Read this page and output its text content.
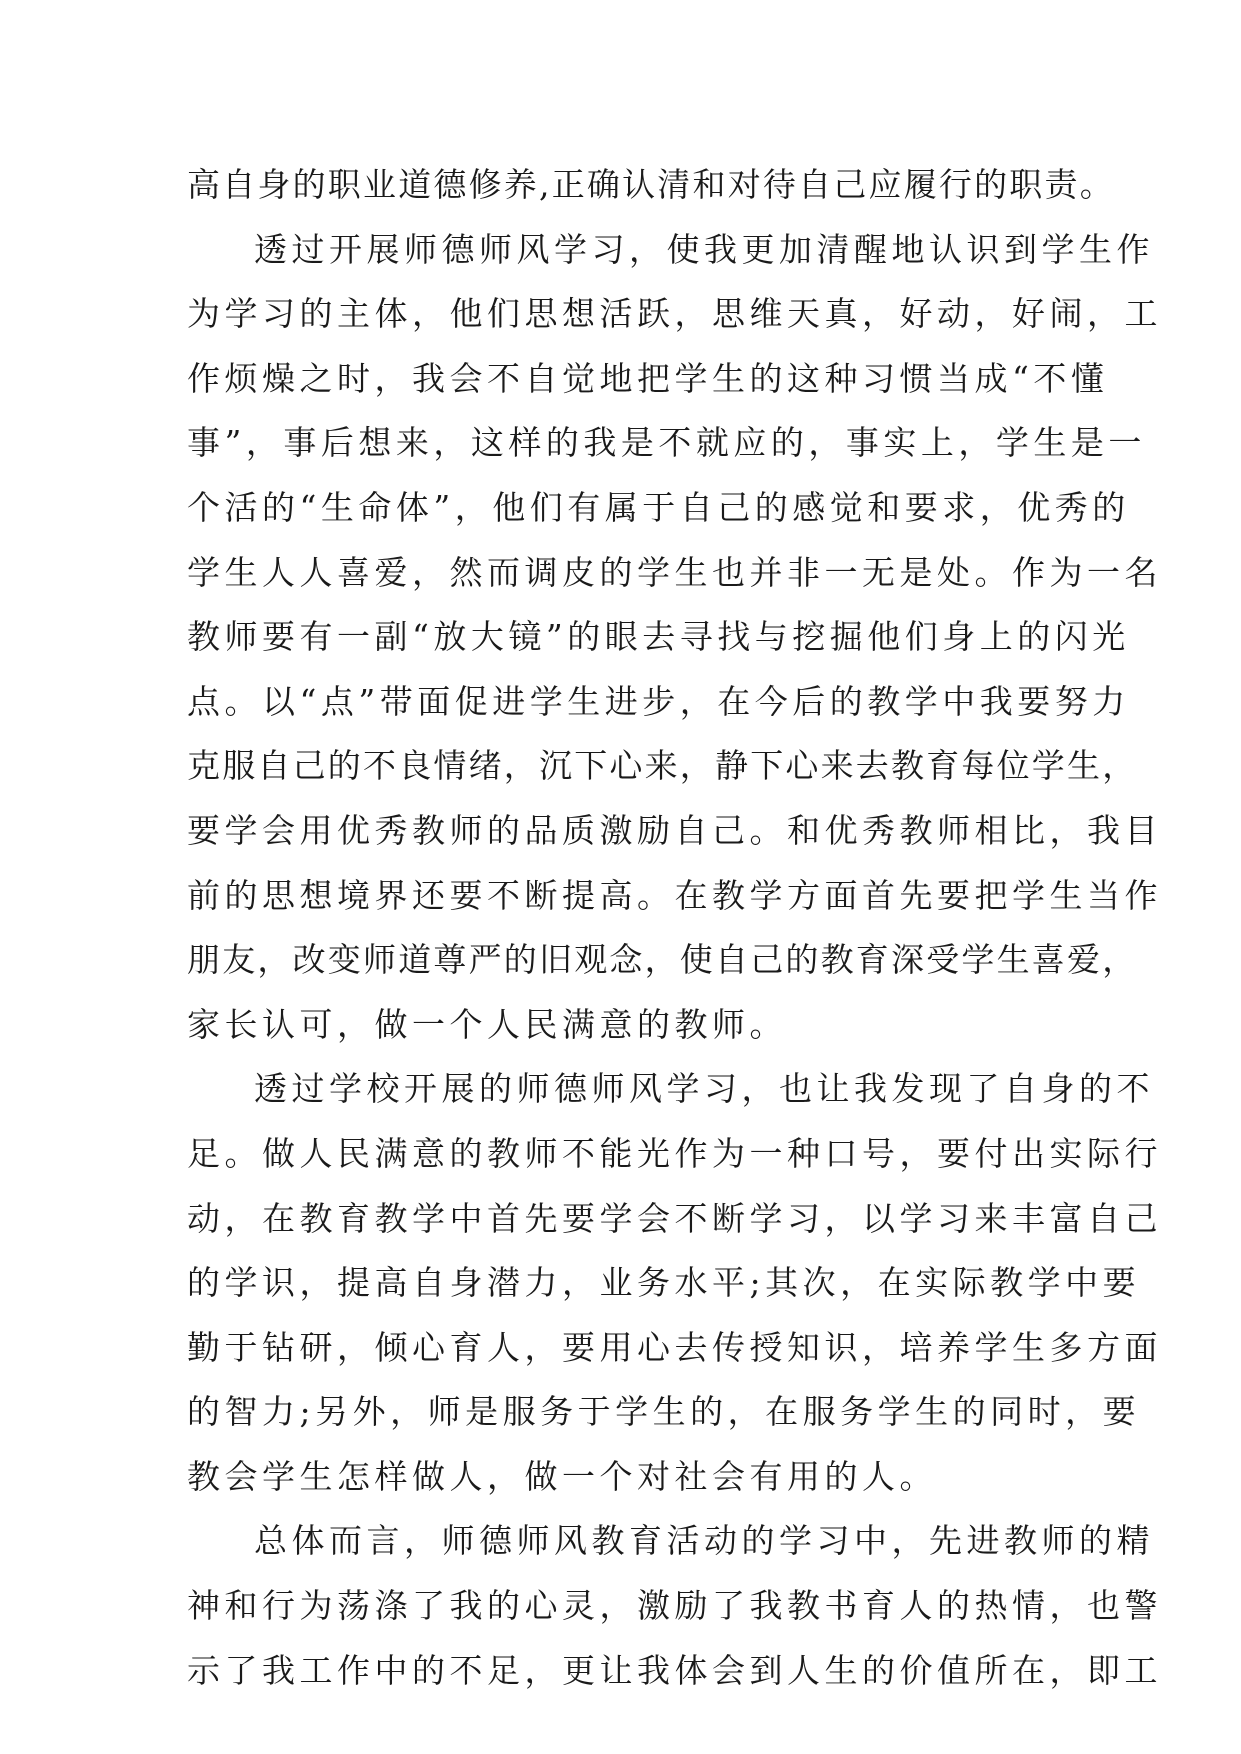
高自身的职业道德修养,正确认清和对待自己应履行的职责。
透过开展师德师风学习，使我更加清醒地认识到学生作
为学习的主体，他们思想活跃，思维天真，好动，好闹，工
作烦燥之时，我会不自觉地把学生的这种习惯当成“不懂
事”，事后想来，这样的我是不就应的，事实上，学生是一
个活的“生命体”，他们有属于自己的感觉和要求，优秀的
学生人人喜爱，然而调皮的学生也并非一无是处。作为一名
教师要有一副“放大镜”的眼去寻找与挖掘他们身上的闪光
点。以“点”带面促进学生进步，在今后的教学中我要努力
克服自己的不良情绪，沉下心来，静下心来去教育每位学生，
要学会用优秀教师的品质激励自己。和优秀教师相比，我目
前的思想境界还要不断提高。在教学方面首先要把学生当作
朋友，改变师道尊严的旧观念，使自己的教育深受学生喜爱，
家长认可，做一个人民满意的教师。
透过学校开展的师德师风学习，也让我发现了自身的不
足。做人民满意的教师不能光作为一种口号，要付出实际行
动，在教育教学中首先要学会不断学习，以学习来丰富自己
的学识，提高自身潜力，业务水平;其次，在实际教学中要
勤于钻研，倾心育人，要用心去传授知识，培养学生多方面
的智力;另外，师是服务于学生的，在服务学生的同时，要
教会学生怎样做人，做一个对社会有用的人。
总体而言，师德师风教育活动的学习中，先进教师的精
神和行为荡涤了我的心灵，激励了我教书育人的热情，也警
示了我工作中的不足，更让我体会到人生的价值所在，即工
